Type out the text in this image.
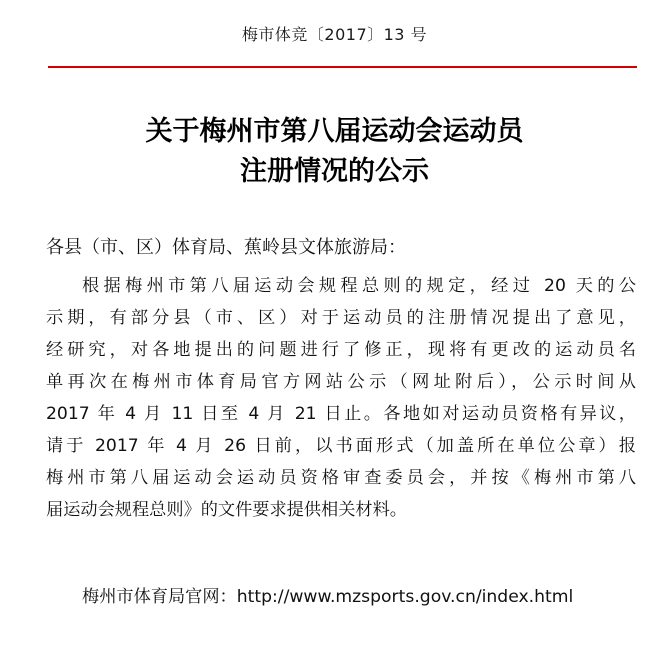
梅市体竞〔2017〕13 号
关于梅州市第八届运动会运动员
注册情况的公示
各县（市、区）体育局、蕉岭县文体旅游局：
根据梅州市第八届运动会规程总则的规定，经过 20 天的公
示期，有部分县（市、区）对于运动员的注册情况提出了意见，
经研究，对各地提出的问题进行了修正，现将有更改的运动员名
单再次在梅州市体育局官方网站公示（网址附后），公示时间从
2017 年 4 月 11 日至 4 月 21 日止。各地如对运动员资格有异议，
请于 2017 年 4 月 26 日前，以书面形式（加盖所在单位公章）报
梅州市第八届运动会运动员资格审查委员会，并按《梅州市第八
届运动会规程总则》的文件要求提供相关材料。
梅州市体育局官网：http://www.mzsports.gov.cn/index.html
